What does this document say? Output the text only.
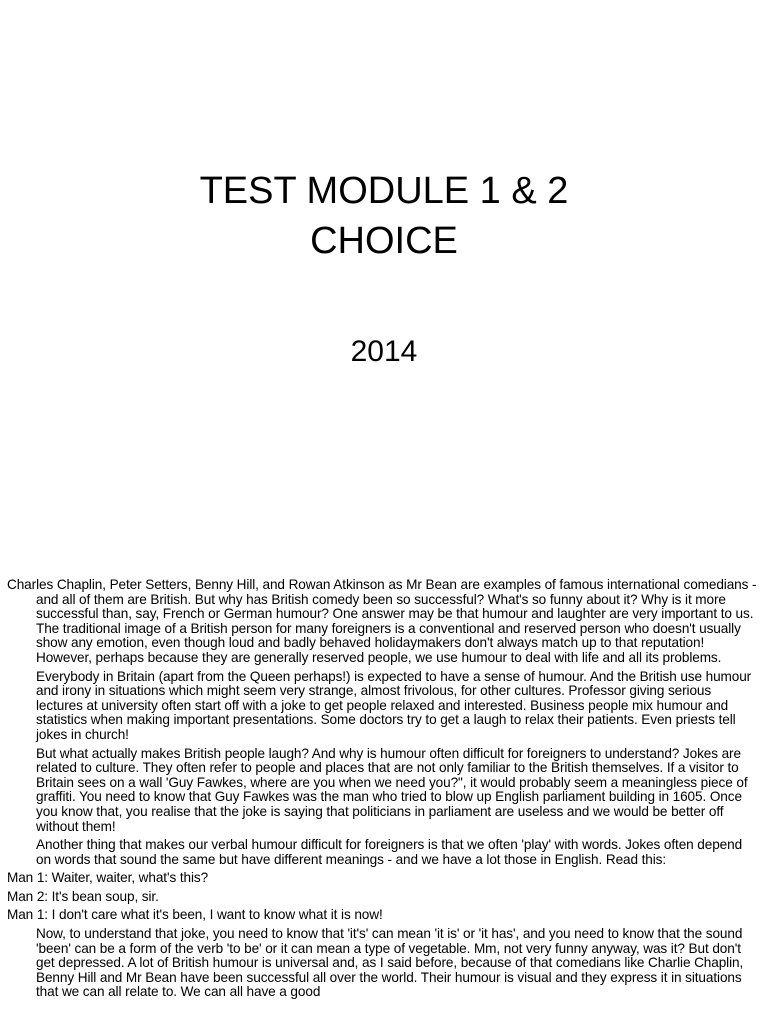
TEST MODULE 1 & 2
CHOICE
2014

Charles Chaplin, Peter Setters, Benny Hill, and Rowan Atkinson as Mr Bean are examples of famous international comedians - and all of them are British. But why has British comedy been so successful? What's so funny about it? Why is it more successful than, say, French or German humour? One answer may be that humour and laughter are very important to us. The traditional image of a British person for many foreigners is a conventional and reserved person who doesn't usually show any emotion, even though loud and badly behaved holidaymakers don't always match up to that reputation! However, perhaps because they are generally reserved people, we use humour to deal with life and all its problems.

Everybody in Britain (apart from the Queen perhaps!) is expected to have a sense of humour. And the British use humour and irony in situations which might seem very strange, almost frivolous, for other cultures. Professor giving serious lectures at university often start off with a joke to get people relaxed and interested. Business people mix humour and statistics when making important presentations. Some doctors try to get a laugh to relax their patients. Even priests tell jokes in church!

But what actually makes British people laugh? And why is humour often difficult for foreigners to understand? Jokes are related to culture. They often refer to people and places that are not only familiar to the British themselves. If a visitor to Britain sees on a wall 'Guy Fawkes, where are you when we need you?", it would probably seem a meaningless piece of graffiti. You need to know that Guy Fawkes was the man who tried to blow up English parliament building in 1605. Once you know that, you realise that the joke is saying that politicians in parliament are useless and we would be better off without them!

Another thing that makes our verbal humour difficult for foreigners is that we often 'play' with words. Jokes often depend on words that sound the same but have different meanings - and we have a lot those in English. Read this:

Man 1: Waiter, waiter, what's this?

Man 2: It's bean soup, sir.

Man 1: I don't care what it's been, I want to know what it is now!

Now, to understand that joke, you need to know that 'it's' can mean 'it is' or 'it has', and you need to know that the sound 'been' can be a form of the verb 'to be' or it can mean a type of vegetable. Mm, not very funny anyway, was it? But don't get depressed. A lot of British humour is universal and, as I said before, because of that comedians like Charlie Chaplin, Benny Hill and Mr Bean have been successful all over the world. Their humour is visual and they express it in situations that we can all relate to. We can all have a good
